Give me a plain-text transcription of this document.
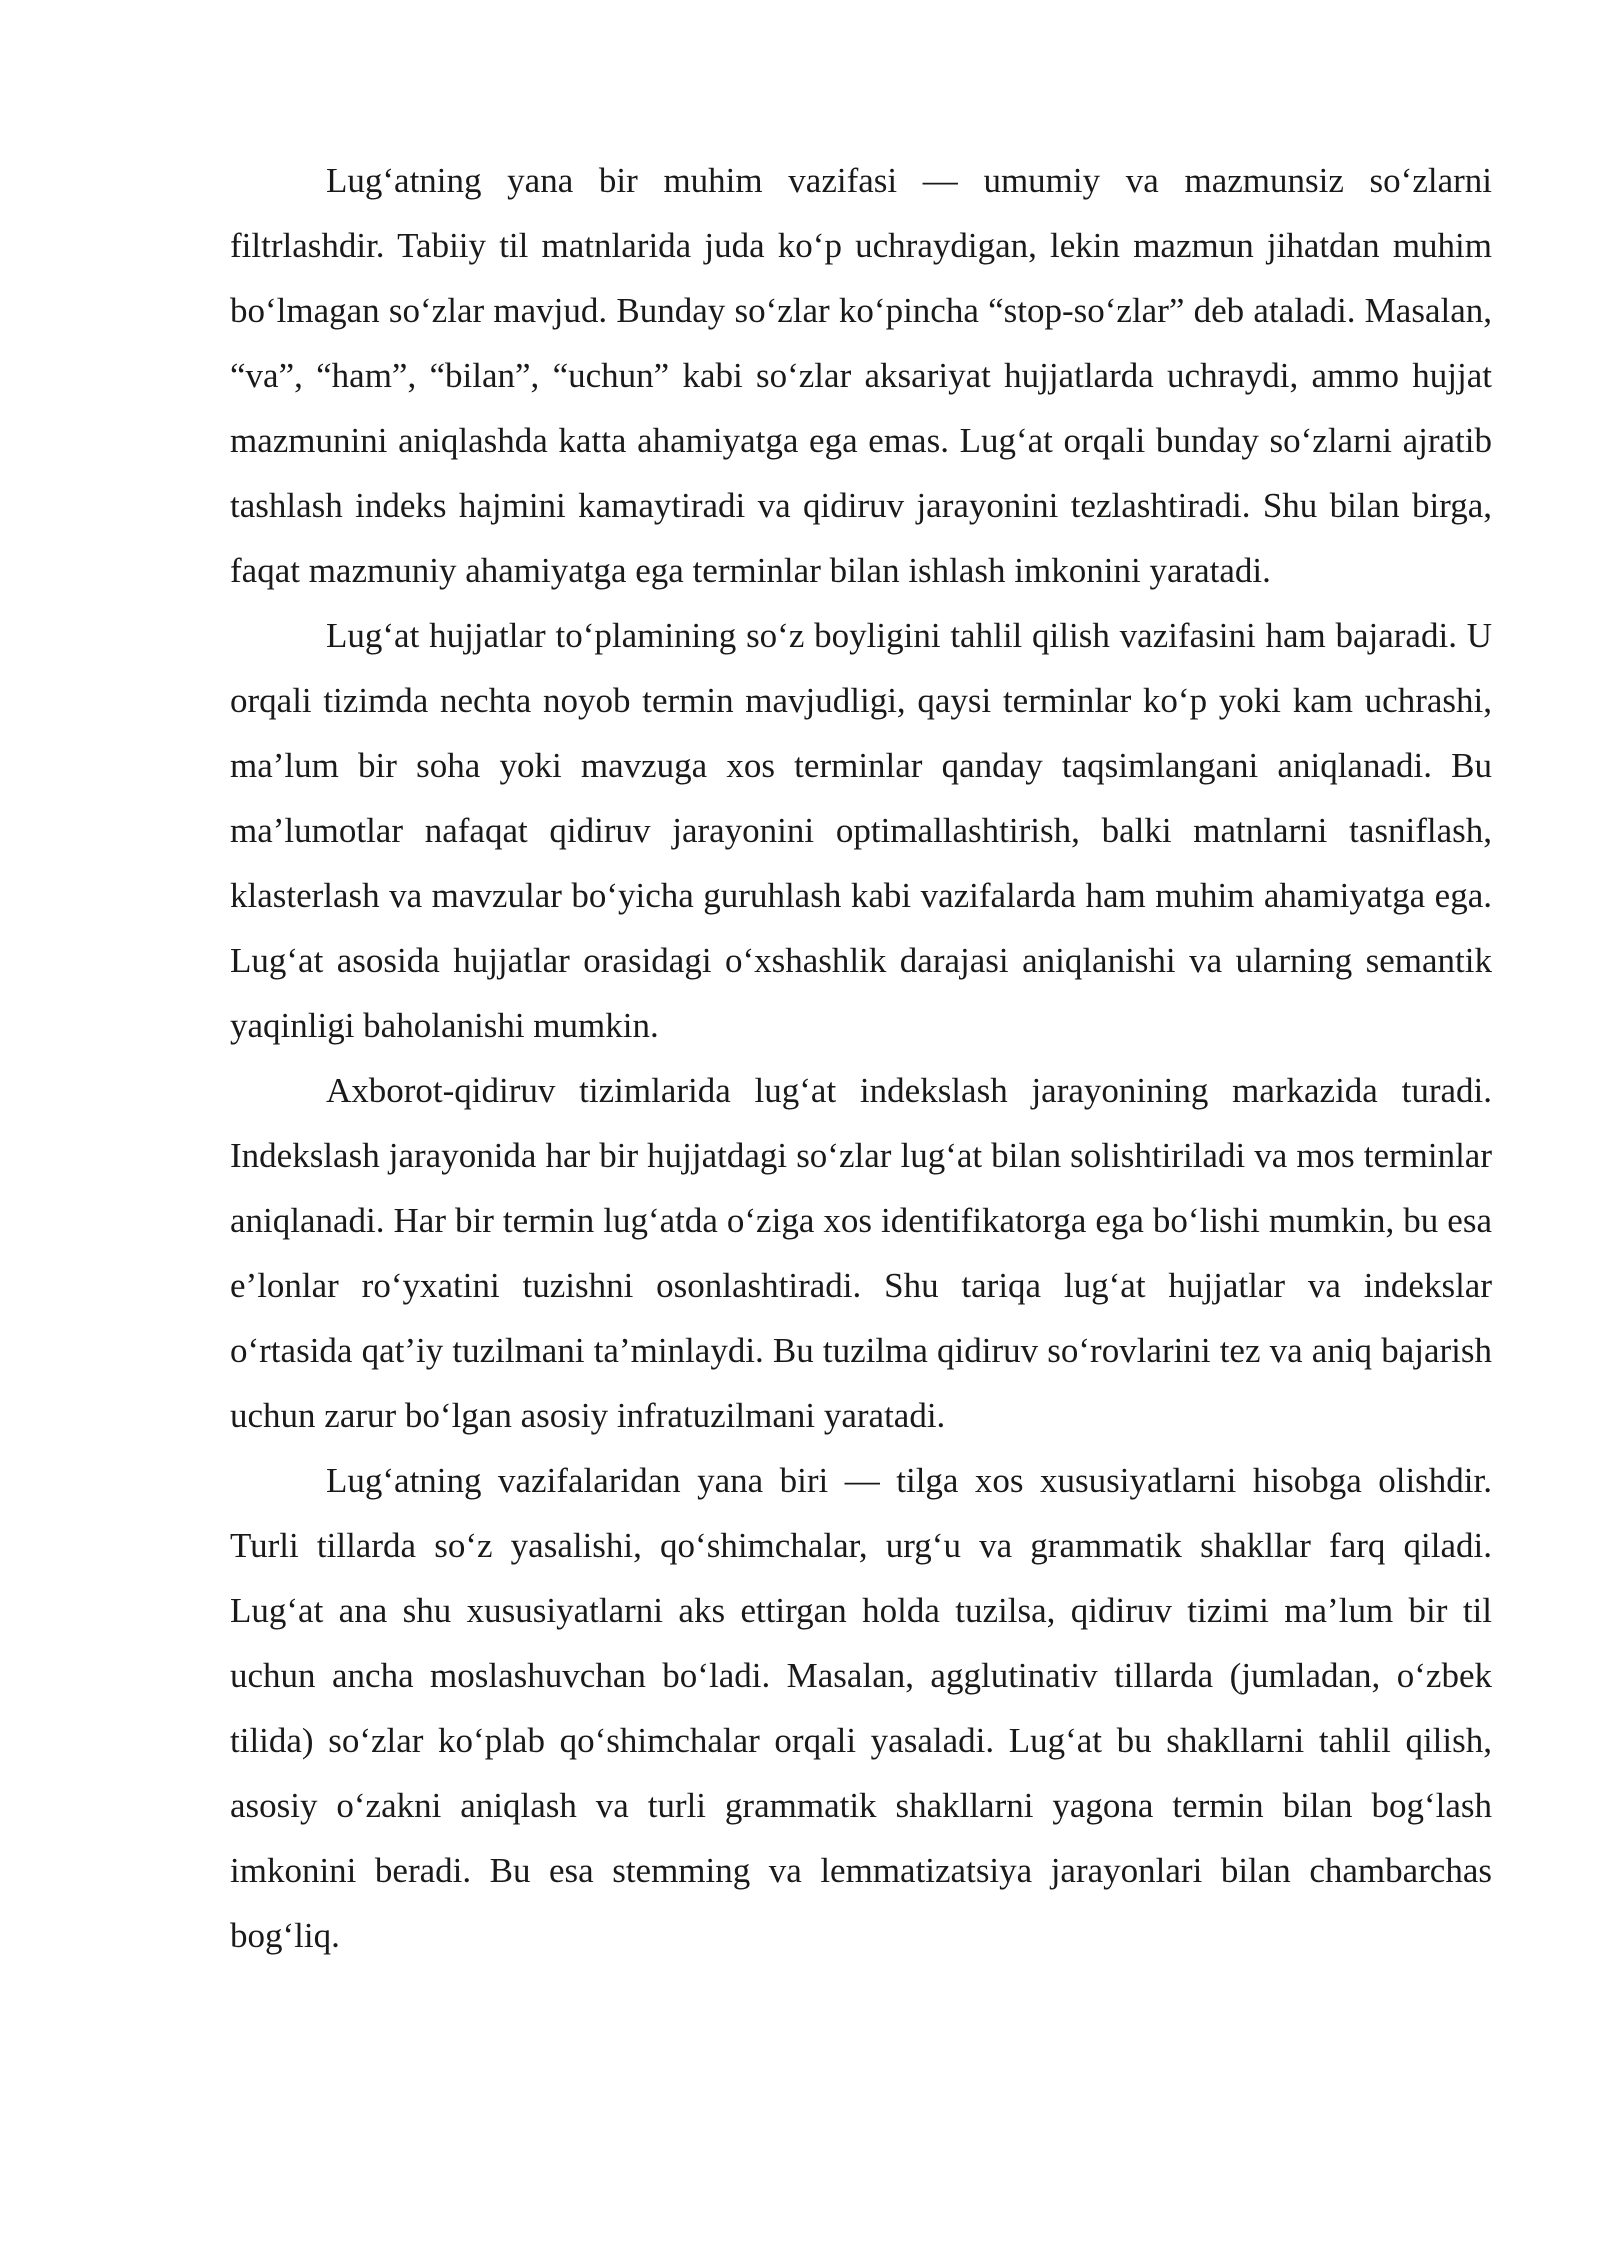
Lug‘atning yana bir muhim vazifasi — umumiy va mazmunsiz so‘zlarni filtrlashdir. Tabiiy til matnlarida juda ko‘p uchraydigan, lekin mazmun jihatdan muhim bo‘lmagan so‘zlar mavjud. Bunday so‘zlar ko‘pincha “stop-so‘zlar” deb ataladi. Masalan, “va”, “ham”, “bilan”, “uchun” kabi so‘zlar aksariyat hujjatlarda uchraydi, ammo hujjat mazmunini aniqlashda katta ahamiyatga ega emas. Lug‘at orqali bunday so‘zlarni ajratib tashlash indeks hajmini kamaytiradi va qidiruv jarayonini tezlashtiradi. Shu bilan birga, faqat mazmuniy ahamiyatga ega terminlar bilan ishlash imkonini yaratadi.

Lug‘at hujjatlar to‘plamining so‘z boyligini tahlil qilish vazifasini ham bajaradi. U orqali tizimda nechta noyob termin mavjudligi, qaysi terminlar ko‘p yoki kam uchrashi, ma’lum bir soha yoki mavzuga xos terminlar qanday taqsimlangani aniqlanadi. Bu ma’lumotlar nafaqat qidiruv jarayonini optimallashtirish, balki matnlarni tasniflash, klasterlash va mavzular bo‘yicha guruhlash kabi vazifalarda ham muhim ahamiyatga ega. Lug‘at asosida hujjatlar orasidagi o‘xshashlik darajasi aniqlanishi va ularning semantik yaqinligi baholanishi mumkin.

Axborot-qidiruv tizimlarida lug‘at indekslash jarayonining markazida turadi. Indekslash jarayonida har bir hujjatdagi so‘zlar lug‘at bilan solishtiriladi va mos terminlar aniqlanadi. Har bir termin lug‘atda o‘ziga xos identifikatorga ega bo‘lishi mumkin, bu esa e’lonlar ro‘yxatini tuzishni osonlashtiradi. Shu tariqa lug‘at hujjatlar va indekslar o‘rtasida qat’iy tuzilmani ta’minlaydi. Bu tuzilma qidiruv so‘rovlarini tez va aniq bajarish uchun zarur bo‘lgan asosiy infratuzilmani yaratadi.

Lug‘atning vazifalaridan yana biri — tilga xos xususiyatlarni hisobga olishdir. Turli tillarda so‘z yasalishi, qo‘shimchalar, urg‘u va grammatik shakllar farq qiladi. Lug‘at ana shu xususiyatlarni aks ettirgan holda tuzilsa, qidiruv tizimi ma’lum bir til uchun ancha moslashuvchan bo‘ladi. Masalan, agglutinativ tillarda (jumladan, o‘zbek tilida) so‘zlar ko‘plab qo‘shimchalar orqali yasaladi. Lug‘at bu shakllarni tahlil qilish, asosiy o‘zakni aniqlash va turli grammatik shakllarni yagona termin bilan bog‘lash imkonini beradi. Bu esa stemming va lemmatizatsiya jarayonlari bilan chambarchas bog‘liq.
